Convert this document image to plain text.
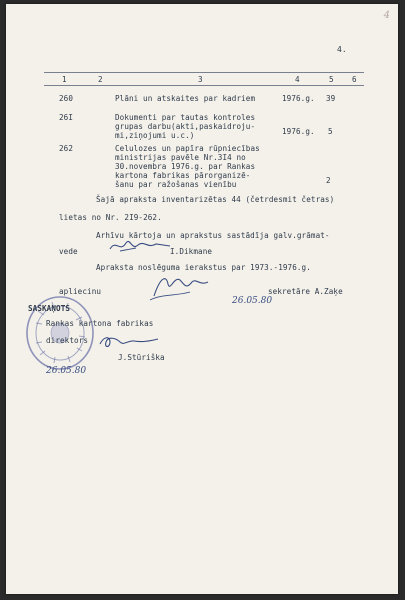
4
4.
1	2	3	4	5 6
260	Plāni un atskaites par kadriem	1976.g. 39
26I	Dokumenti par tautas kontroles
grupas darbu(akti,paskaidroju-
mi,ziņojumi u.c.)	1976.g. 5
262	Celulozes un papīra rūpniecības
ministrijas pavēle Nr.3I4 no
30.novembra 1976.g. par Rankas
kartona fabrikas pārorganizē-
šanu par ražošanas vienību	2
Šajā apraksta inventarizētas 44 (četrdesmit četras)
lietas no Nr. 2I9-262.
Arhīvu kārtoja un aprakstus sastādīja galv.grāmat-
vede	I.Dikmane
Apraksta noslēguma ierakstus par 1973.-1976.g.
apliecinu	sekretāre A.Zaķe
26.05.80
SASKAŅOTS
Rankas kartona fabrikas
direktors
J.Stūriška
26.05.80
